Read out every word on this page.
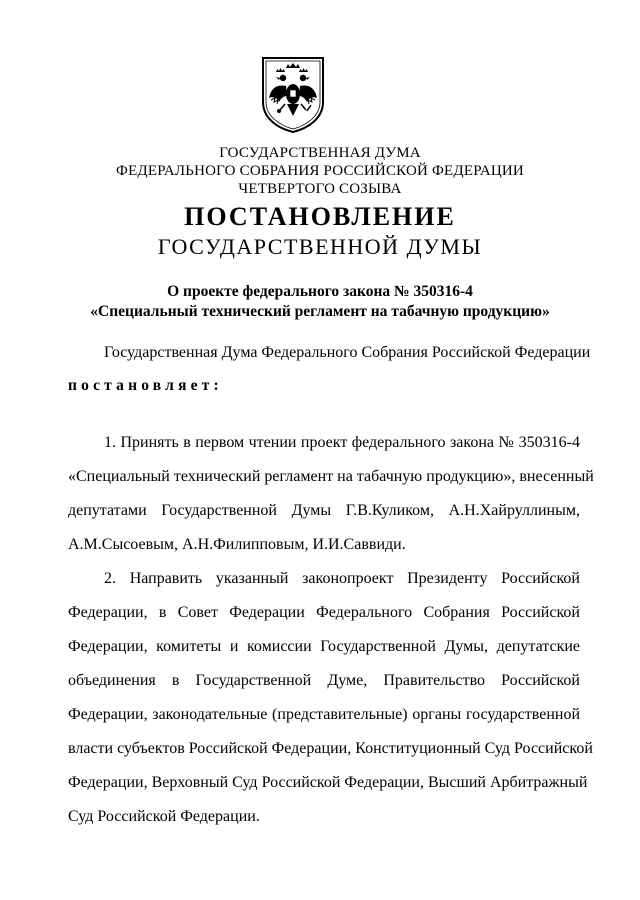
ГОСУДАРСТВЕННАЯ ДУМА
ФЕДЕРАЛЬНОГО СОБРАНИЯ РОССИЙСКОЙ ФЕДЕРАЦИИ
ЧЕТВЕРТОГО СОЗЫВА
ПОСТАНОВЛЕНИЕ
ГОСУДАРСТВЕННОЙ ДУМЫ
О проекте федерального закона № 350316-4
«Специальный технический регламент на табачную продукцию»
Государственная Дума Федерального Собрания Российской Федерации
постановляет:
1. Принять в первом чтении проект федерального закона № 350316-4
«Специальный технический регламент на табачную продукцию», внесенный
депутатами Государственной Думы Г.В.Куликом, А.Н.Хайруллиным,
А.М.Сысоевым, А.Н.Филипповым, И.И.Саввиди.
2. Направить указанный законопроект Президенту Российской
Федерации, в Совет Федерации Федерального Собрания Российской
Федерации, комитеты и комиссии Государственной Думы, депутатские
объединения в Государственной Думе, Правительство Российской
Федерации, законодательные (представительные) органы государственной
власти субъектов Российской Федерации, Конституционный Суд Российской
Федерации, Верховный Суд Российской Федерации, Высший Арбитражный
Суд Российской Федерации.
